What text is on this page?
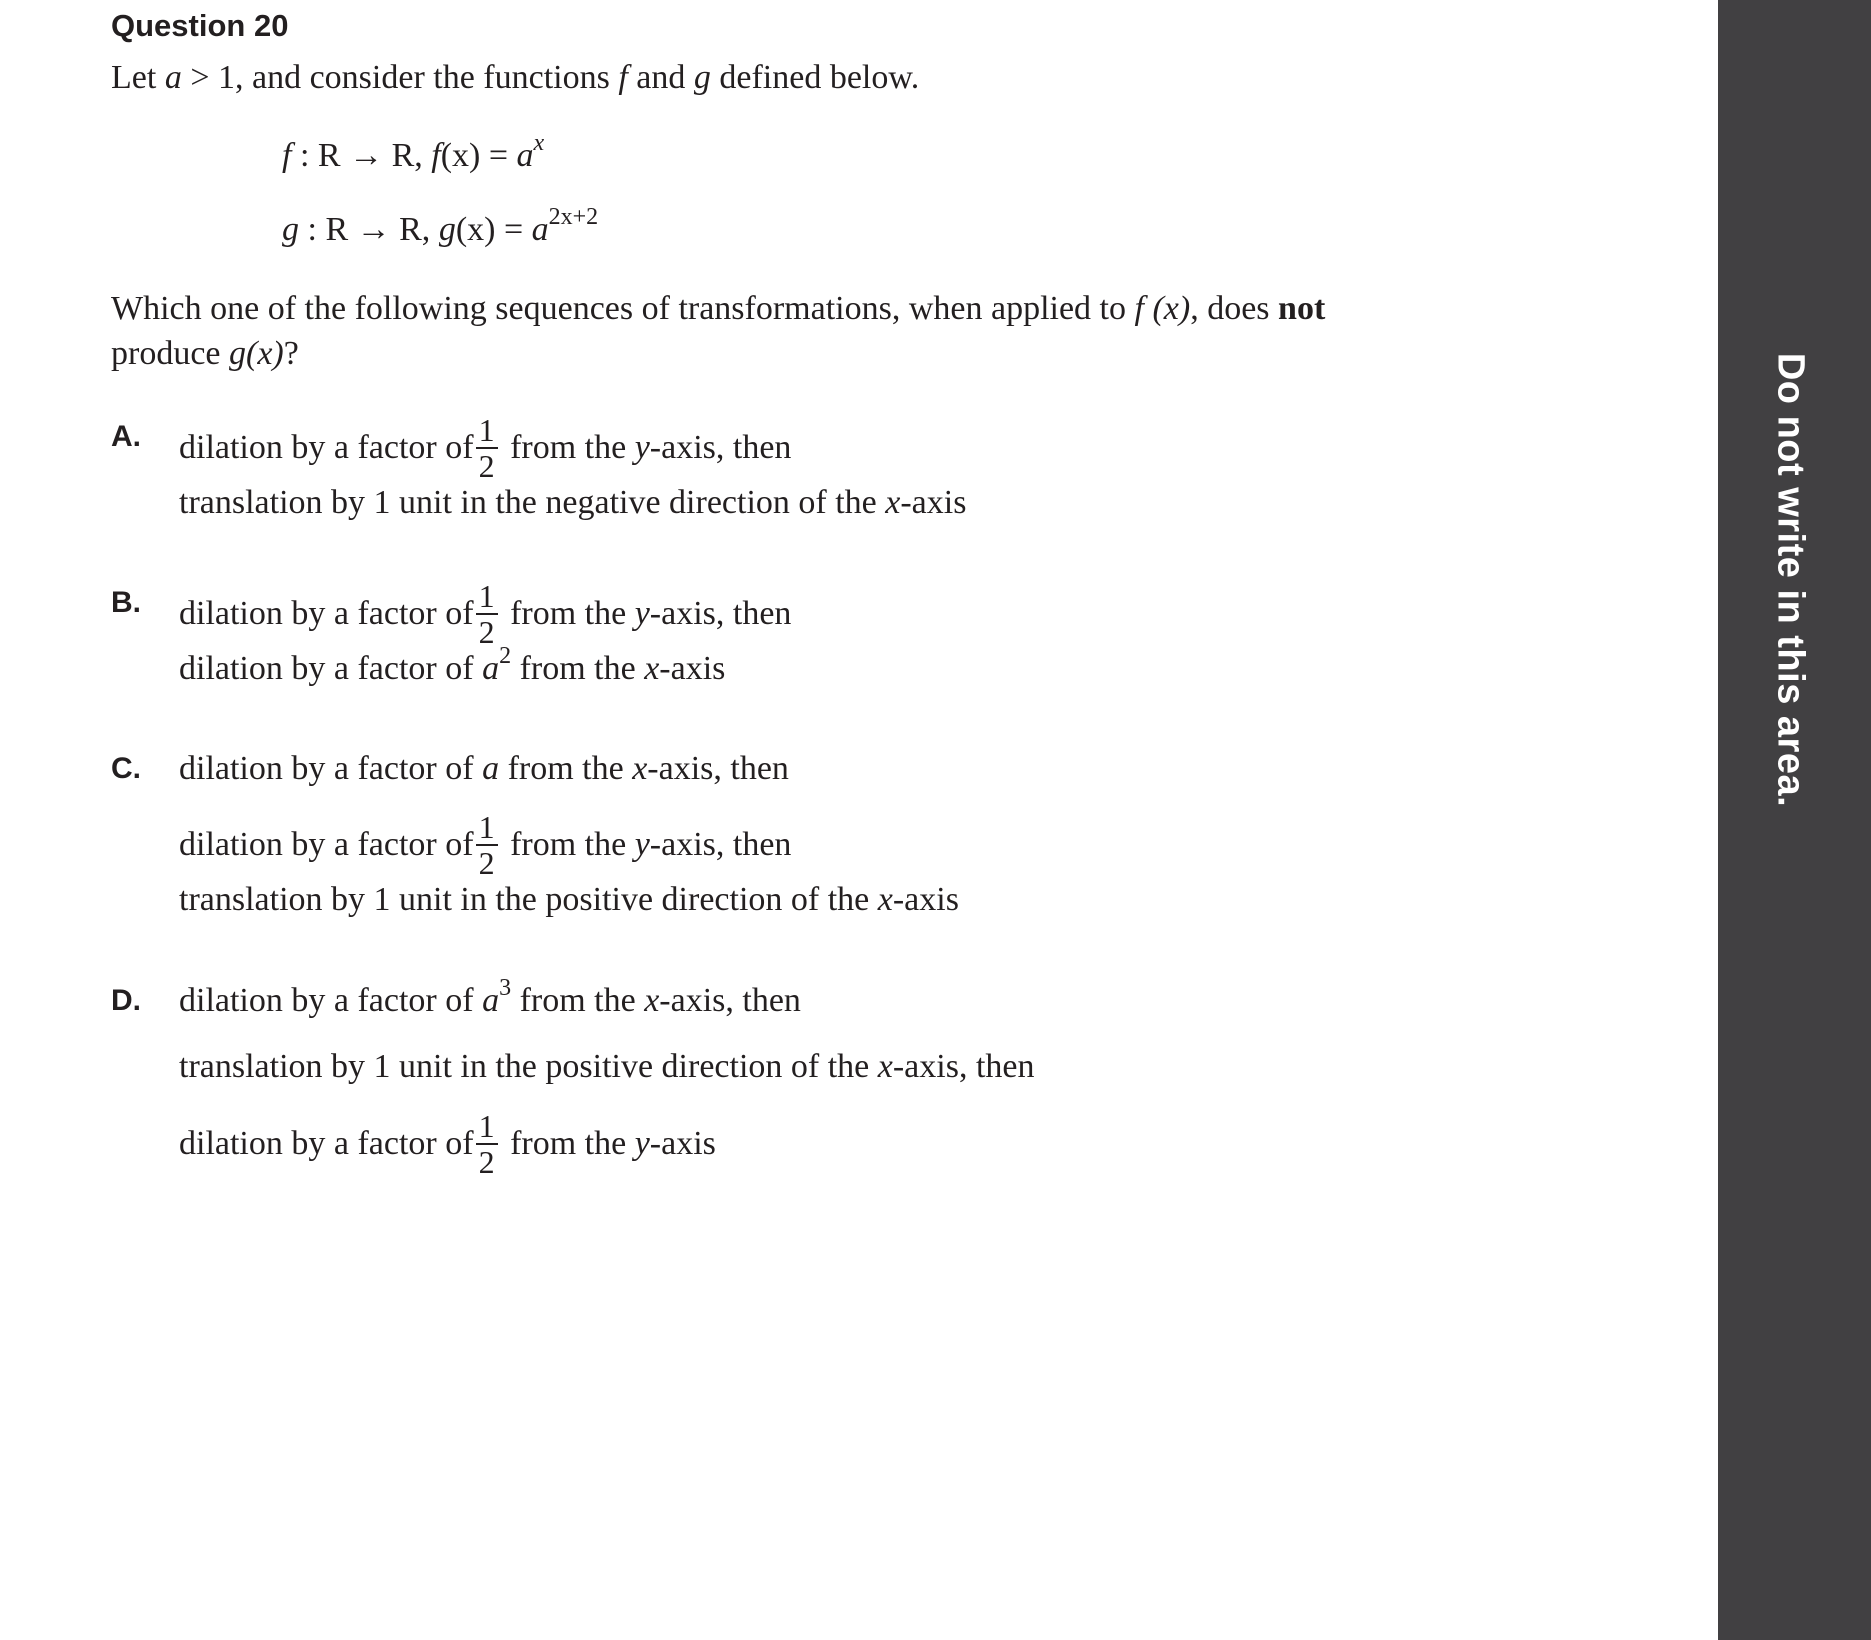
Question 20
Let a > 1, and consider the functions f and g defined below.
f : R → R, $f(x) = a^x$
g : R → R, $g(x) = a^{2x+2}$
Which one of the following sequences of transformations, when applied to f (x), does not
produce g(x)?
A. dilation by a factor of $\frac{1}{2}$ from the y-axis, then
translation by 1 unit in the negative direction of the x-axis
B. dilation by a factor of $\frac{1}{2}$ from the y-axis, then
dilation by a factor of $a^2$ from the x-axis
C. dilation by a factor of a from the x-axis, then
dilation by a factor of $\frac{1}{2}$ from the y-axis, then
translation by 1 unit in the positive direction of the x-axis
D. dilation by a factor of $a^3$ from the x-axis, then
translation by 1 unit in the positive direction of the x-axis, then
dilation by a factor of $\frac{1}{2}$ from the y-axis
Do not write in this area.
